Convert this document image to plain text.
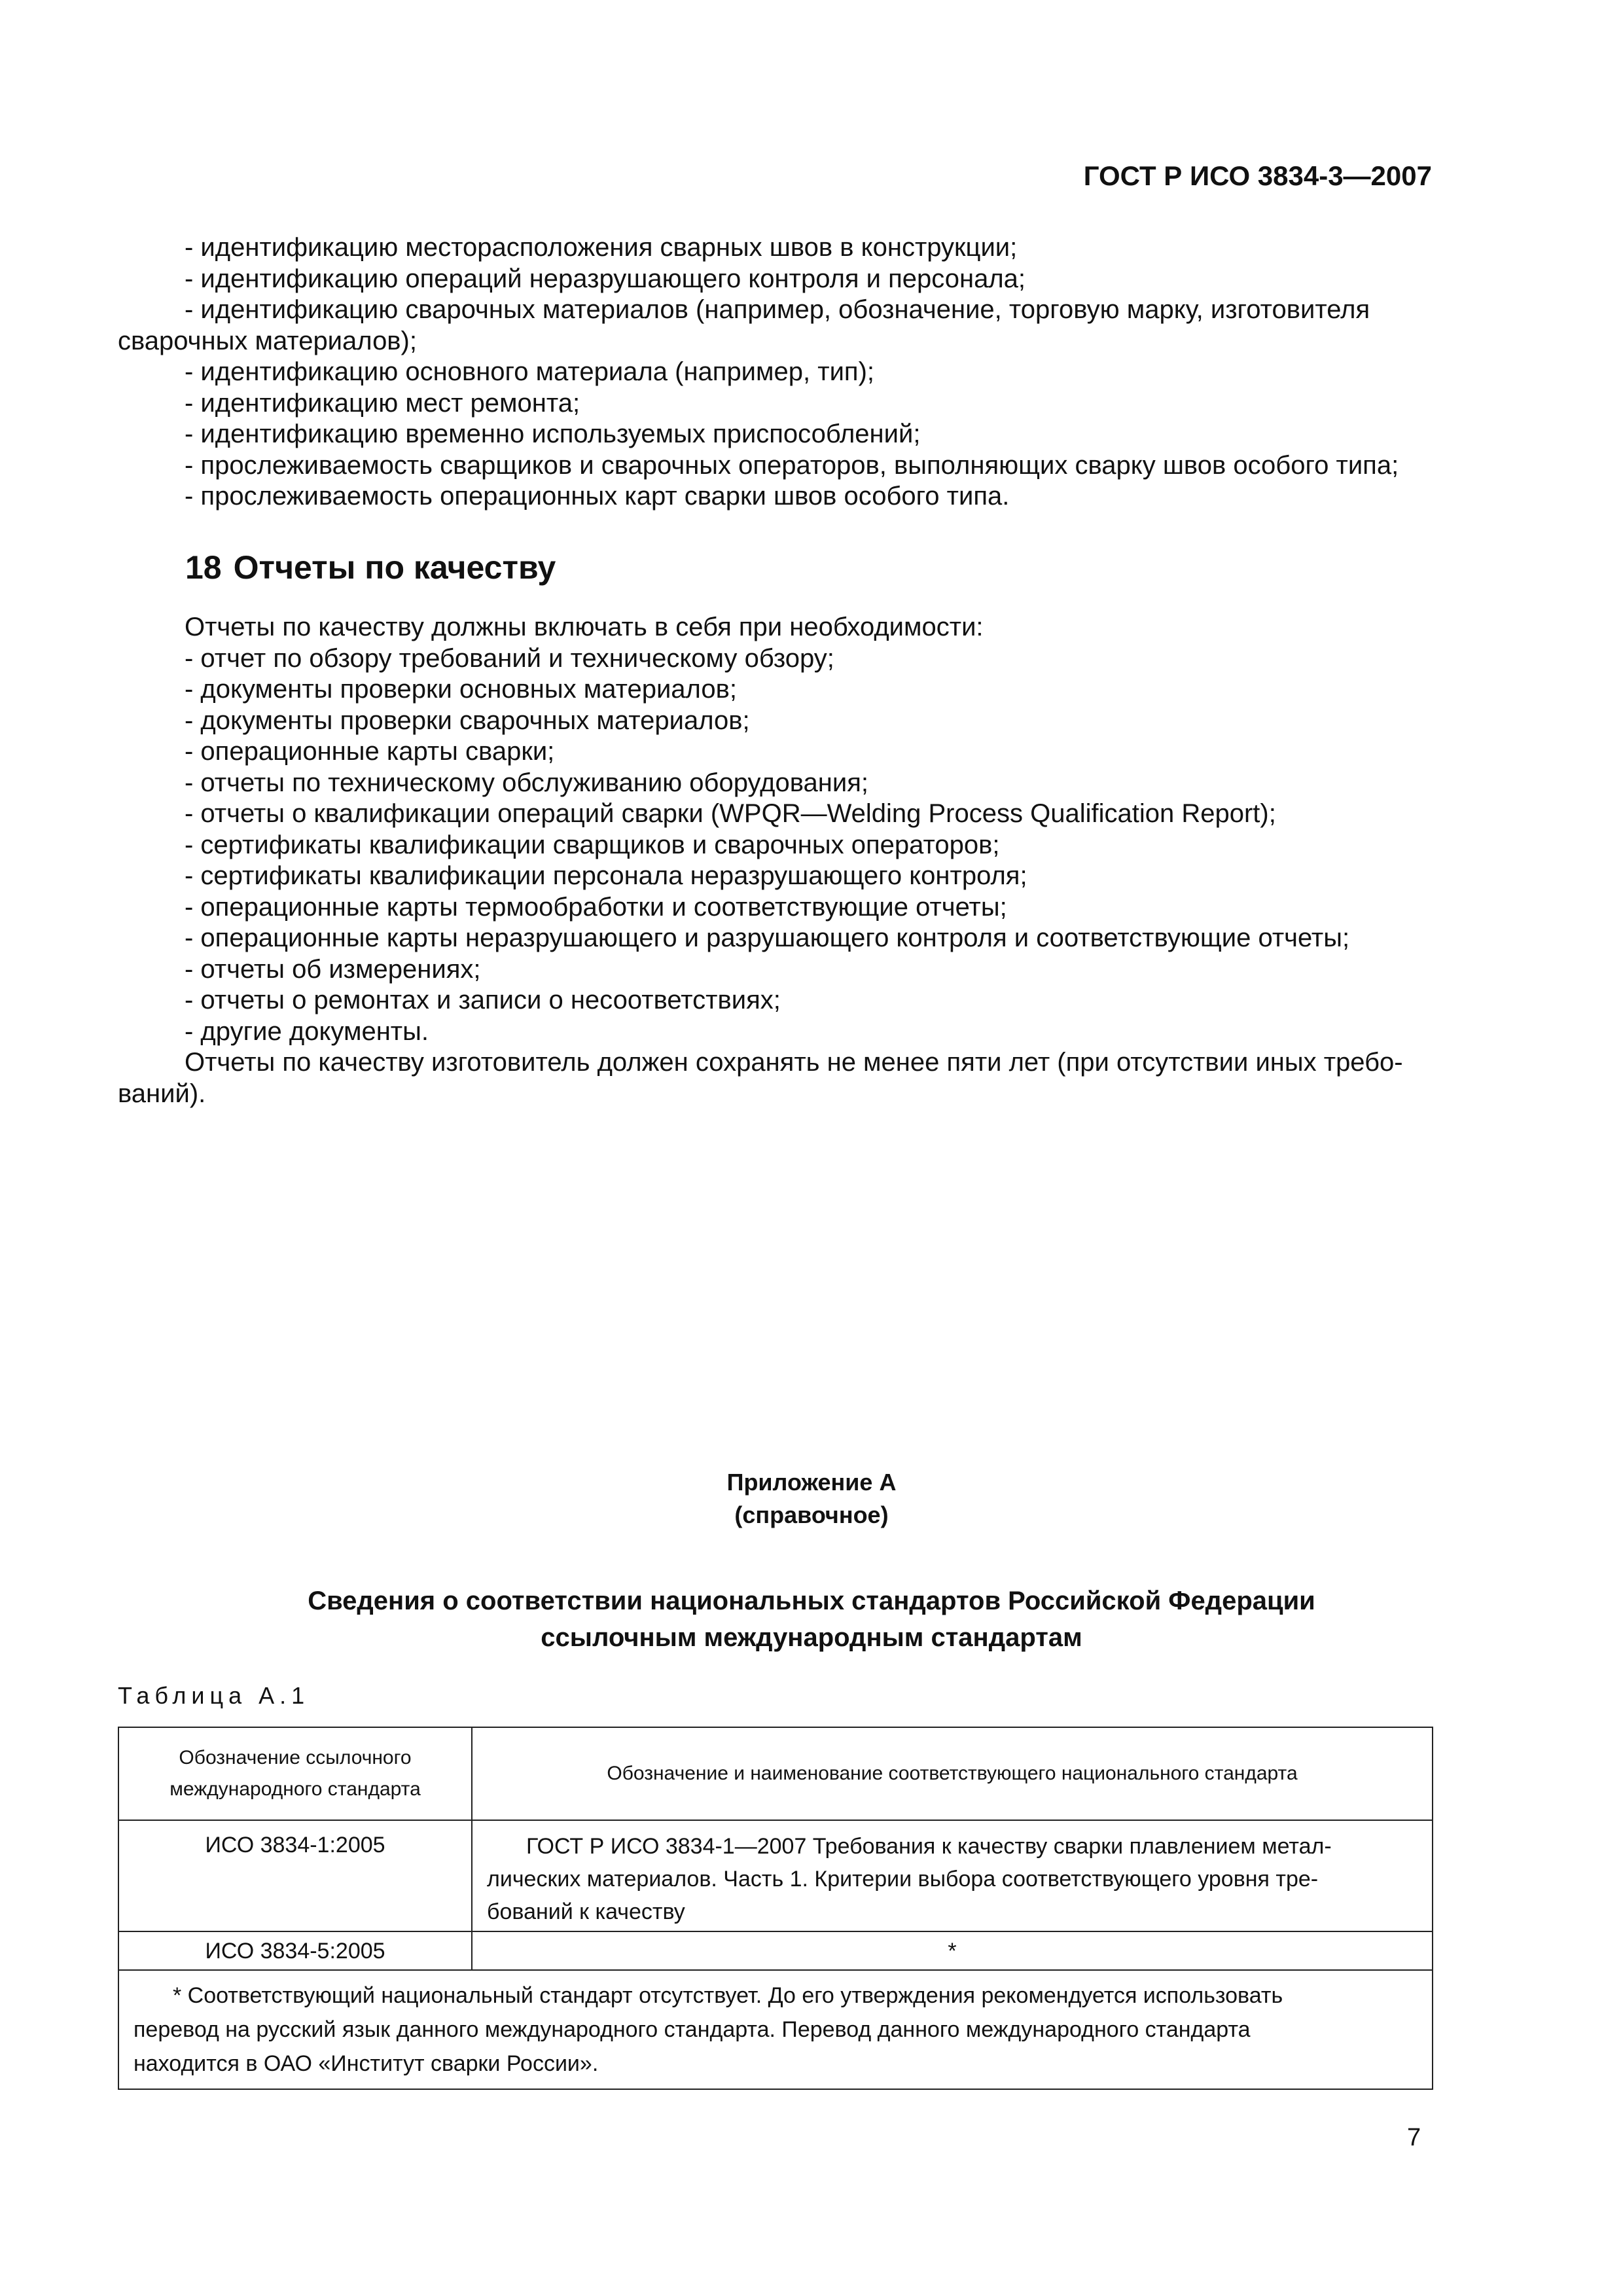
ГОСТ Р ИСО 3834-3—2007
- идентификацию месторасположения сварных швов в конструкции;
- идентификацию операций неразрушающего контроля и персонала;
- идентификацию сварочных материалов (например, обозначение, торговую марку, изготовителя
сварочных материалов);
- идентификацию основного материала (например, тип);
- идентификацию мест ремонта;
- идентификацию временно используемых приспособлений;
- прослеживаемость сварщиков и сварочных операторов, выполняющих сварку швов особого типа;
- прослеживаемость операционных карт сварки швов особого типа.
18 Отчеты по качеству
Отчеты по качеству должны включать в себя при необходимости:
- отчет по обзору требований и техническому обзору;
- документы проверки основных материалов;
- документы проверки сварочных материалов;
- операционные карты сварки;
- отчеты по техническому обслуживанию оборудования;
- отчеты о квалификации операций сварки (WPQR—Welding Process Qualification Report);
- сертификаты квалификации сварщиков и сварочных операторов;
- сертификаты квалификации персонала неразрушающего контроля;
- операционные карты термообработки и соответствующие отчеты;
- операционные карты неразрушающего и разрушающего контроля и соответствующие отчеты;
- отчеты об измерениях;
- отчеты о ремонтах и записи о несоответствиях;
- другие документы.
Отчеты по качеству изготовитель должен сохранять не менее пяти лет (при отсутствии иных требо-
ваний).
Приложение А
(справочное)
Сведения о соответствии национальных стандартов Российской Федерации
ссылочным международным стандартам
Таблица А.1
Обозначение ссылочного
международного стандарта	Обозначение и наименование соответствующего национального стандарта
ИСО 3834-1:2005	ГОСТ Р ИСО 3834-1—2007 Требования к качеству сварки плавлением метал-
лических материалов. Часть 1. Критерии выбора соответствующего уровня тре-
бований к качеству

ИСО 3834-5:2005	*

* Соответствующий национальный стандарт отсутствует. До его утверждения рекомендуется использовать
перевод на русский язык данного международного стандарта. Перевод данного международного стандарта
находится в ОАО «Институт сварки России».	
7
